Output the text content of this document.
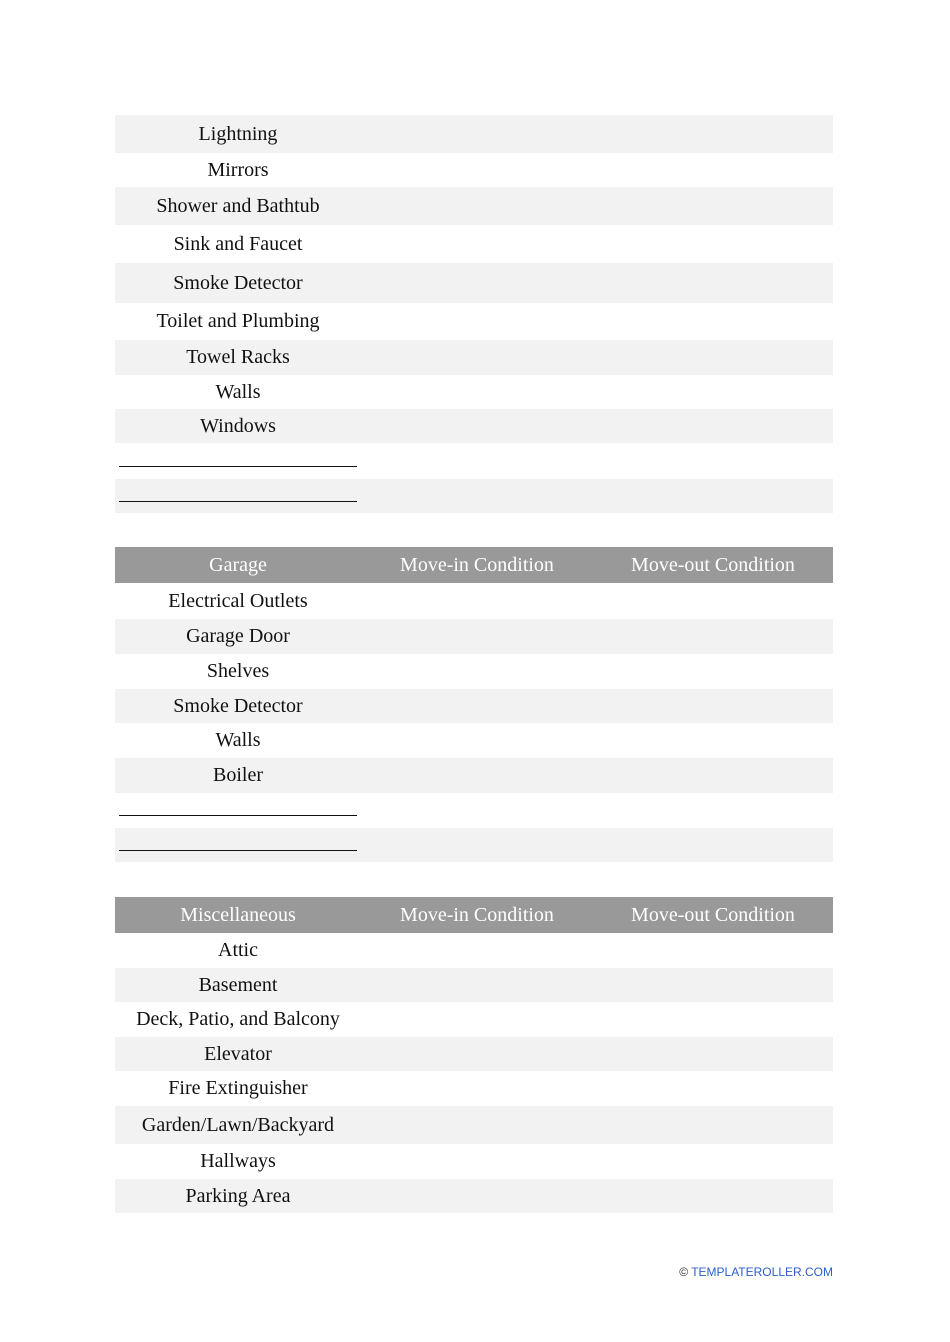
Lightning
Mirrors
Shower and Bathtub
Sink and Faucet
Smoke Detector
Toilet and Plumbing
Towel Racks
Walls
Windows
Garage	Move-in Condition	Move-out Condition
Electrical Outlets
Garage Door
Shelves
Smoke Detector
Walls
Boiler
Miscellaneous	Move-in Condition	Move-out Condition
Attic
Basement
Deck, Patio, and Balcony
Elevator
Fire Extinguisher
Garden/Lawn/Backyard
Hallways
Parking Area
© TEMPLATEROLLER.COM
